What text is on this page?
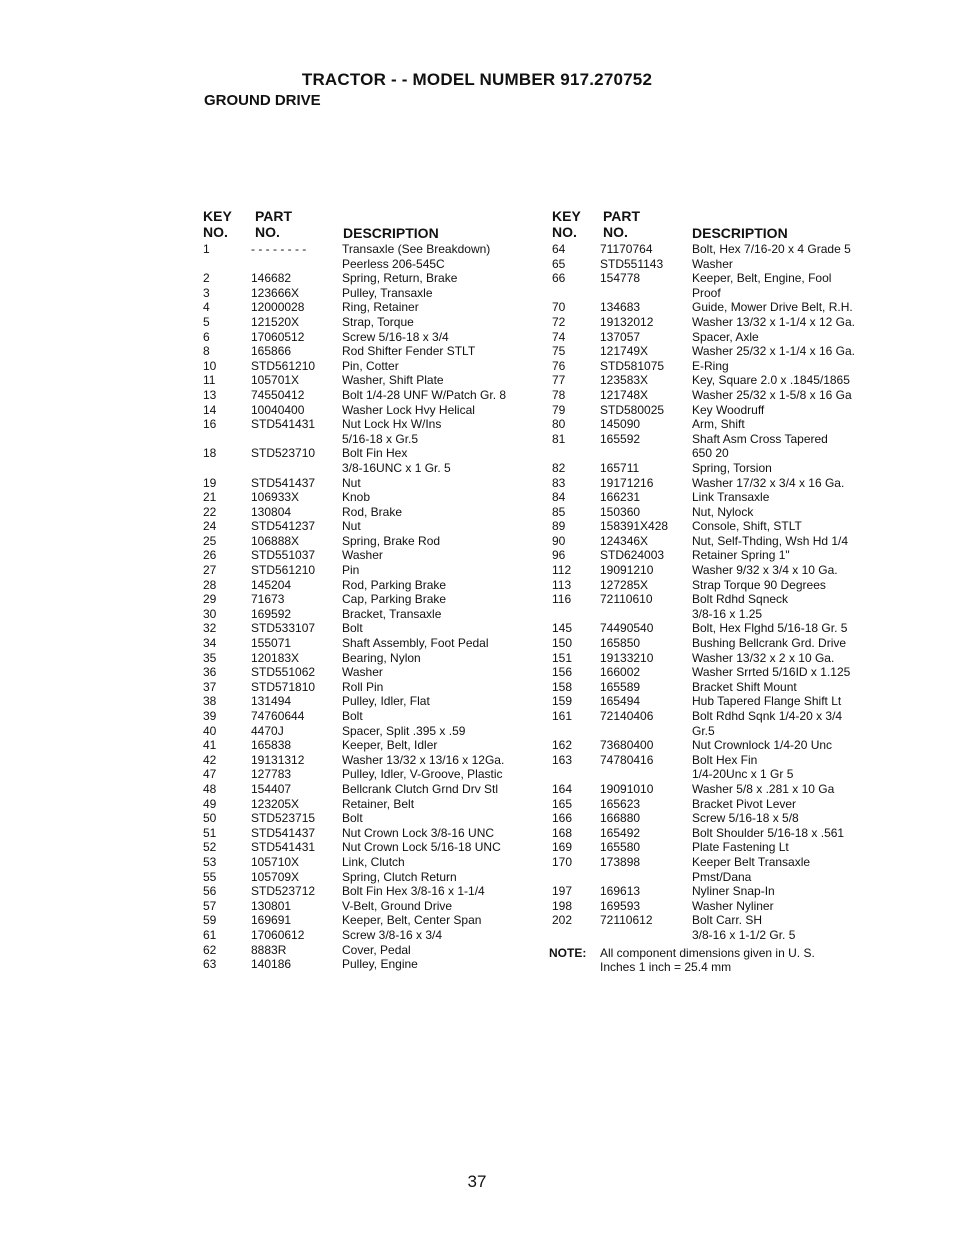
TRACTOR - - MODEL NUMBER 917.270752
GROUND DRIVE
KEY
NO.
PART
NO.	DESCRIPTION
1	- - - - - - - -	Transaxle (See Breakdown)
Peerless 206-545C
2	146682	Spring, Return, Brake
3	123666X	Pulley, Transaxle
4	12000028	Ring, Retainer
5	121520X	Strap, Torque
6	17060512	Screw 5/16-18 x 3/4
8	165866	Rod Shifter Fender STLT
10	STD561210 Pin, Cotter
11	105701X	Washer, Shift Plate
13	74550412	Bolt 1/4-28 UNF W/Patch Gr. 8
14	10040400	Washer Lock Hvy Helical
16	STD541431 Nut Lock Hx W/Ins
5/16-18 x Gr.5
18	STD523710 Bolt Fin Hex
3/8-16UNC x 1 Gr. 5
19	STD541437 Nut
21	106933X	Knob
22	130804	Rod, Brake
24	STD541237 Nut
25	106888X	Spring, Brake Rod
26	STD551037 Washer
27	STD561210 Pin
28	145204	Rod, Parking Brake
29	71673	Cap, Parking Brake
30	169592	Bracket, Transaxle
32	STD533107 Bolt
34	155071	Shaft Assembly, Foot Pedal
35	120183X	Bearing, Nylon
36	STD551062 Washer
37	STD571810 Roll Pin
38	131494	Pulley, Idler, Flat
39	74760644	Bolt
40	4470J	Spacer, Split .395 x .59
41	165838	Keeper, Belt, Idler
42	19131312	Washer 13/32 x 13/16 x 12Ga.
47	127783	Pulley, Idler, V-Groove, Plastic
48	154407	Bellcrank Clutch Grnd Drv Stl
49	123205X	Retainer, Belt
50	STD523715 Bolt
51	STD541437 Nut Crown Lock 3/8-16 UNC
52	STD541431 Nut Crown Lock 5/16-18 UNC
53	105710X	Link, Clutch
55	105709X	Spring, Clutch Return
56	STD523712 Bolt Fin Hex 3/8-16 x 1-1/4
57	130801	V-Belt, Ground Drive
59	169691	Keeper, Belt, Center Span
61	17060612	Screw 3/8-16 x 3/4
62	8883R	Cover, Pedal
63	140186	Pulley, Engine
KEY
NO.
PART
NO.	DESCRIPTION
64	71170764	Bolt, Hex 7/16-20 x 4 Grade 5
65	STD551143 Washer
66	154778	Keeper, Belt, Engine, Fool
Proof
70	134683	Guide, Mower Drive Belt, R.H.
72	19132012	Washer 13/32 x 1-1/4 x 12 Ga.
74	137057	Spacer, Axle
75	121749X	Washer 25/32 x 1-1/4 x 16 Ga.
76	STD581075 E-Ring
77	123583X	Key, Square 2.0 x .1845/1865
78	121748X	Washer 25/32 x 1-5/8 x 16 Ga
79	STD580025 Key Woodruff
80	145090	Arm, Shift
81	165592	Shaft Asm Cross Tapered
650 20
82	165711	Spring, Torsion
83	19171216	Washer 17/32 x 3/4 x 16 Ga.
84	166231	Link Transaxle
85	150360	Nut, Nylock
89	158391X428 Console, Shift, STLT
90	124346X	Nut, Self-Thding, Wsh Hd 1/4
96	STD624003 Retainer Spring 1"
112 19091210	Washer 9/32 x 3/4 x 10 Ga.
113 127285X	Strap Torque 90 Degrees
116 72110610	Bolt Rdhd Sqneck
3/8-16 x 1.25
145 74490540	Bolt, Hex Flghd 5/16-18 Gr. 5
150 165850	Bushing Bellcrank Grd. Drive
151 19133210	Washer 13/32 x 2 x 10 Ga.
156 166002	Washer Srrted 5/16ID x 1.125
158 165589	Bracket Shift Mount
159 165494	Hub Tapered Flange Shift Lt
161 72140406	Bolt Rdhd Sqnk 1/4-20 x 3/4
Gr.5
162 73680400	Nut Crownlock 1/4-20 Unc
163 74780416	Bolt Hex Fin
1/4-20Unc x 1 Gr 5
164 19091010	Washer 5/8 x .281 x 10 Ga
165 165623	Bracket Pivot Lever
166 166880	Screw 5/16-18 x 5/8
168 165492	Bolt Shoulder 5/16-18 x .561
169 165580	Plate Fastening Lt
170 173898	Keeper Belt Transaxle
Pmst/Dana
197 169613	Nyliner Snap-In
198 169593	Washer Nyliner
202 72110612	Bolt Carr. SH
3/8-16 x 1-1/2 Gr. 5
NOTE: All component dimensions given in U. S.
Inches 1 inch = 25.4 mm
37
